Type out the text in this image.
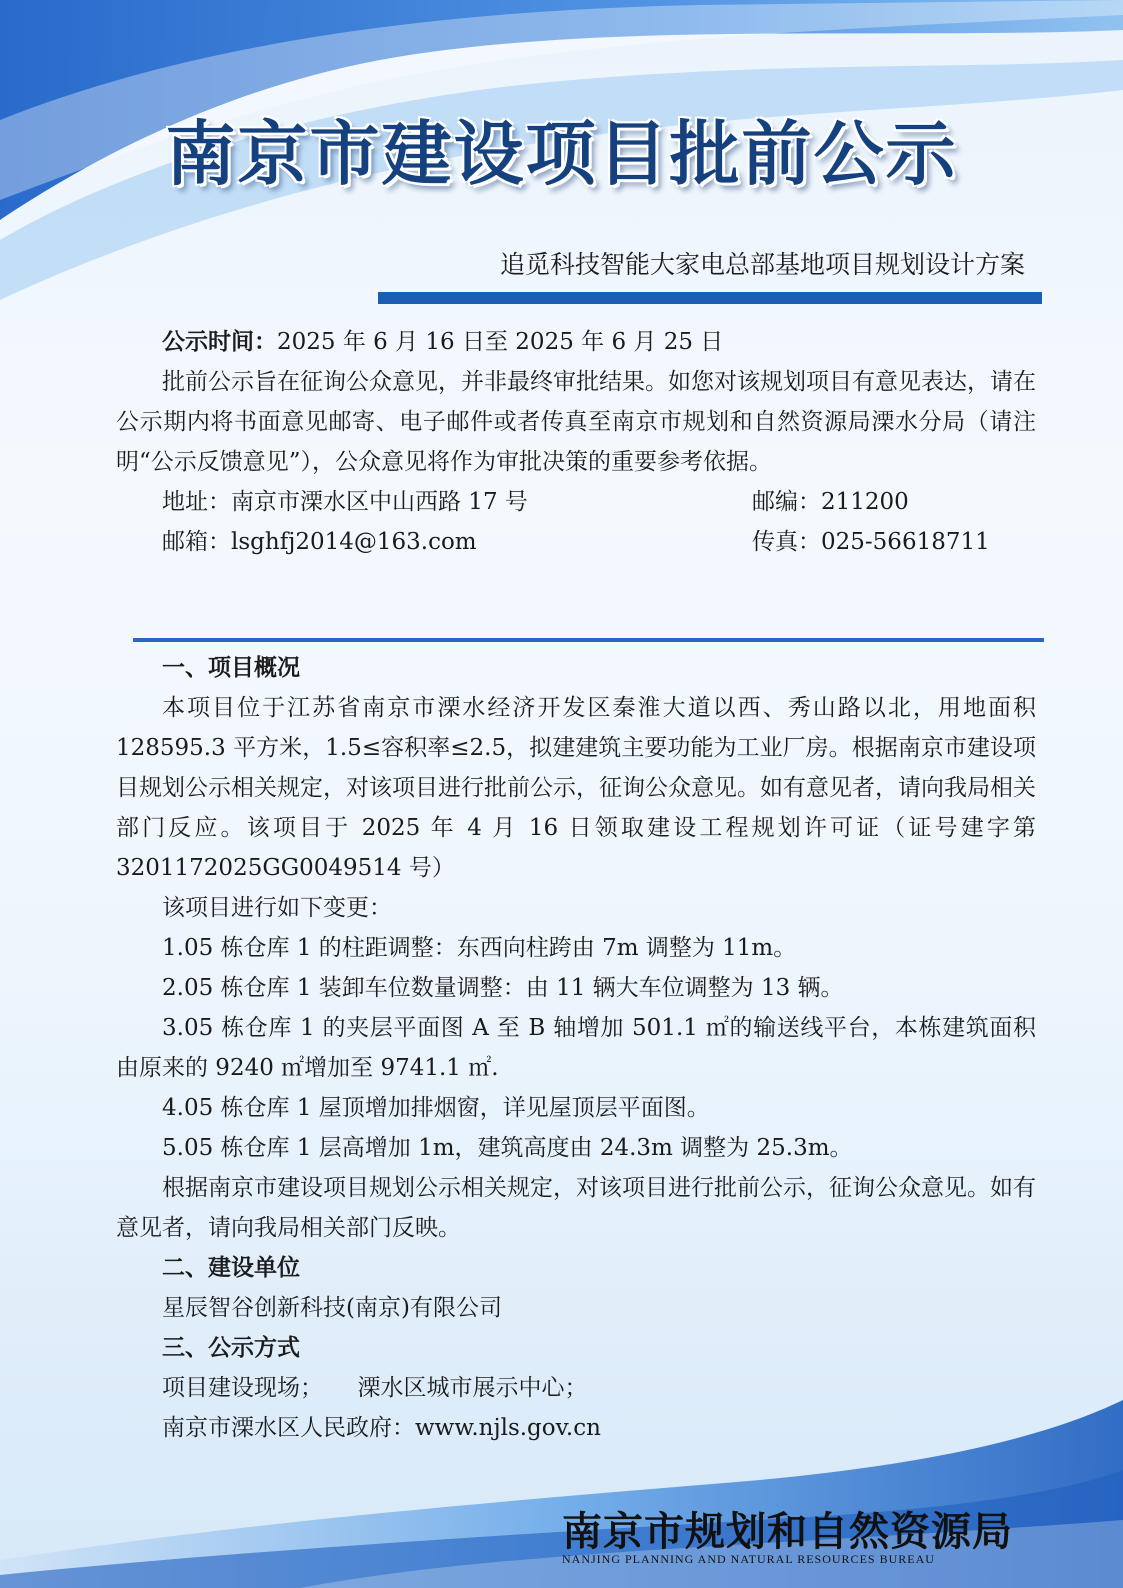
南京市建设项目批前公示
追觅科技智能大家电总部基地项目规划设计方案
公示时间：2025 年 6 月 16 日至 2025 年 6 月 25 日
批前公示旨在征询公众意见，并非最终审批结果。如您对该规划项目有意见表达，请在公示期内将书面意见邮寄、电子邮件或者传真至南京市规划和自然资源局溧水分局（请注明“公示反馈意见”），公众意见将作为审批决策的重要参考依据。
地址：南京市溧水区中山西路 17 号	邮编：211200
邮箱：lsghfj2014@163.com	传真：025-56618711
一、项目概况
本项目位于江苏省南京市溧水经济开发区秦淮大道以西、秀山路以北，用地面积 128595.3 平方米，1.5≤容积率≤2.5，拟建建筑主要功能为工业厂房。根据南京市建设项目规划公示相关规定，对该项目进行批前公示，征询公众意见。如有意见者，请向我局相关部门反应。该项目于 2025 年 4 月 16 日领取建设工程规划许可证（证号建字第 3201172025GG0049514 号）
该项目进行如下变更：
1.05 栋仓库 1 的柱距调整：东西向柱跨由 7m 调整为 11m。
2.05 栋仓库 1 装卸车位数量调整：由 11 辆大车位调整为 13 辆。
3.05 栋仓库 1 的夹层平面图 A 至 B 轴增加 501.1 ㎡的输送线平台，本栋建筑面积由原来的 9240 ㎡增加至 9741.1 ㎡.
4.05 栋仓库 1 屋顶增加排烟窗，详见屋顶层平面图。
5.05 栋仓库 1 层高增加 1m，建筑高度由 24.3m 调整为 25.3m。
根据南京市建设项目规划公示相关规定，对该项目进行批前公示，征询公众意见。如有意见者，请向我局相关部门反映。
二、建设单位
星辰智谷创新科技(南京)有限公司
三、公示方式
项目建设现场；　　溧水区城市展示中心；
南京市溧水区人民政府：www.njls.gov.cn
南京市规划和自然资源局
NANJING PLANNING AND NATURAL RESOURCES BUREAU
